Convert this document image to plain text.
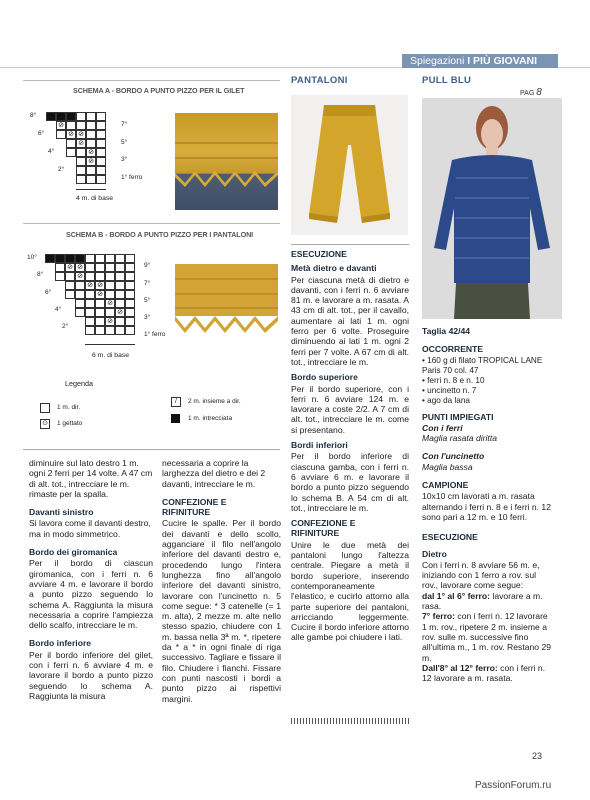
Spiegazioni I PIÙ GIOVANI
SCHEMA A - BORDO A PUNTO PIZZO PER IL GILET
⊘
⊘ ⊘
⊘
⊘
⊘
8°
6°
4°
2°
7°
5°
3°
1° ferro
4 m. di base
PANTALONI
ESECUZIONE
Metà dietro e davanti

Per ciascuna metà di dietro e davanti, con i ferri n. 6 avviare 81 m. e lavorare a m. rasata. A 43 cm di alt. tot., per il cavallo, aumentare ai lati 1 m. ogni ferro per 6 volte. Proseguire diminuendo ai lati 1 m. ogni 2 ferri per 7 volte. A 67 cm di alt. tot., intrecciare le m.

Bordo superiore

Per il bordo superiore, con i ferri n. 6 avviare 124 m. e lavorare a coste 2/2. A 7 cm di alt. tot., intrecciare le m. come si presentano.

Bordi inferiori

Per il bordo inferiore di ciascuna gamba, con i ferri n. 6 avviare 6 m. e lavorare il bordo a punto pizzo seguendo lo schema B. A 54 cm di alt. tot., intrecciare le m.

CONFEZIONE E RIFINITURE

Unire le due metà dei pantaloni lungo l'altezza centrale. Piegare a metà il bordo superiore, inserendo contemporaneamente l'elastico, e cucirlo attorno alla parte superiore dei pantaloni, arricciando leggermente. Cucire il bordo inferiore attorno alle gambe poi chiudere i lati.

PULL BLU
PAG 8
Taglia 42/44
OCCORRENTE
• 160 g di filato TROPICAL LANE Paris 70 col. 47
• ferri n. 8 e n. 10
• uncinetto n. 7
• ago da lana
PUNTI IMPIEGATI
Con i ferri
Maglia rasata diritta
Con l'uncinetto
Maglia bassa
CAMPIONE

10x10 cm lavorati a m. rasata alternando i ferri n. 8 e i ferri n. 12 sono pari a 12 m. e 10 ferri.

ESECUZIONE
Dietro

Con i ferri n. 8 avviare 56 m. e, iniziando con 1 ferro a rov. sul rov., lavorare come segue:
dal 1° al 6° ferro: lavorare a m. rasa.
7° ferro: con i ferri n. 12 lavorare 1 m. rov., ripetere 2 m. insieme a rov. sulle m. successive fino all'ultima m., 1 m. rov. Restano 29 m.
Dall'8° al 12° ferro: con i ferri n. 12 lavorare a m. rasata.

SCHEMA B - BORDO A PUNTO PIZZO PER I PANTALONI
⊘ ⊘
⊘
⊘ ⊘
⊘
⊘
⊘
⊘
10°
8°
6°
4°
2°
9°
7°
5°
3°
1° ferro
6 m. di base
Legenda
1 m. dir.
⊙	1 gettato
/	2 m. insieme a dir.
1 m. intrecciata

diminuire sul lato destro 1 m. ogni 2 ferri per 14 volte. A 47 cm di alt. tot., intrecciare le m. rimaste per la spalla.

Davanti sinistro

Si lavora come il davanti destro, ma in modo simmetrico.

Bordo dei giromanica

Per il bordo di ciascun giromanica, con i ferri n. 6 avviare 4 m. e lavorare il bordo a punto pizzo seguendo lo schema A. Raggiunta la misura necessaria a coprire l'ampiezza dello scalfo, intrecciare le m.

Bordo inferiore

Per il bordo inferiore del gilet, con i ferri n. 6 avviare 4 m. e lavorare il bordo a punto pizzo seguendo lo schema A. Raggiunta la misura

necessaria a coprire la larghezza del dietro e dei 2 davanti, intrecciare le m.

CONFEZIONE E RIFINITURE

Cucire le spalle. Per il bordo dei davanti e dello scollo, agganciare il filo nell'angolo inferiore del davanti destro e, procedendo lungo l'intera lunghezza fino all'angolo inferiore del davanti sinistro, lavorare con l'uncinetto n. 5 come segue: * 3 catenelle (= 1 m. alta), 2 mezze m. alte nello stesso spazio, chiudere con 1 m. bassa nella 3ª m. *, ripetere da * a * in ogni finale di riga successivo. Tagliare e fissare il filo. Chiudere i fianchi. Fissare con punti nascosti i bordi a punto pizzo ai rispettivi margini.

23
PassionForum.ru
